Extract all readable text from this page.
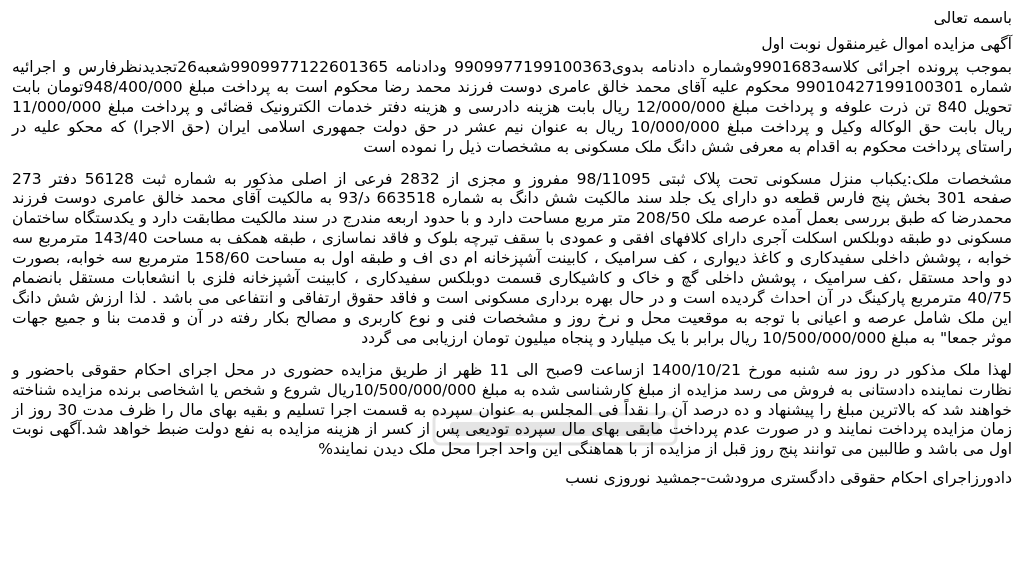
باسمه تعالی
آگهی مزایده اموال غیرمنقول نوبت اول
بموجب پرونده اجرائی کلاسه9901683وشماره دادنامه بدوی9909977199100363 ودادنامه 9909977122601365شعبه26تجدیدنظرفارس و اجرائیه
شماره 9901042719910030‍1 محکوم علیه آقای محمد خالق عامری دوست فرزند محمد رضا محکوم است به پرداخت مبلغ 948/400/000تومان بابت
تحویل 840 تن ذرت علوفه و پرداخت مبلغ 12/000/000 ریال بابت هزینه دادرسی و هزینه دفتر خدمات الکترونیک قضائی و پرداخت مبلغ 11/000/000
ریال بابت حق الوکاله وکیل و پرداخت مبلغ 10/000/000 ریال به عنوان نیم عشر در حق دولت جمهوری اسلامی ایران (حق الاجرا) که محکو علیه در
راستای پرداخت محکوم به اقدام به معرفی شش دانگ ملک مسکونی به مشخصات ذیل را نموده است
مشخصات ملک:یکباب منزل مسکونی تحت پلاک ثبتی 98/11095 مفروز و مجزی از 2832 فرعی از اصلی مذکور به شماره ثبت 56128 دفتر 273
صفحه 301 بخش پنج فارس قطعه دو دارای یک جلد سند مالکیت شش دانگ به شماره 663518 د/93 به مالکیت آقای محمد خالق عامری دوست فرزند
محمدرضا که طبق بررسی بعمل آمده عرصه ملک 208/50 متر مربع مساحت دارد و با حدود اربعه مندرج در سند مالکیت مطابقت دارد و یکدستگاه ساختمان
مسکونی دو طبقه دوبلکس اسکلت آجری دارای کلافهای افقی و عمودی با سقف تیرچه بلوک و فاقد نماسازی ، طبقه همکف به مساحت 143/40 مترمربع سه
خوابه ، پوشش داخلی سفیدکاری و کاغذ دیواری ، کف سرامیک ، کابینت آشپزخانه ام دی اف و طبقه اول به مساحت 158/60 مترمربع سه خوابه، بصورت
دو واحد مستقل ،کف سرامیک ، پوشش داخلی گچ و خاک و کاشیکاری قسمت دوبلکس سفیدکاری ، کابینت آشپزخانه فلزی با انشعابات مستقل بانضمام
40/75 مترمربع پارکینگ در آن احداث گردیده است و در حال بهره برداری مسکونی است و فاقد حقوق ارتفاقی و انتفاعی می باشد . لذا ارزش شش دانگ
این ملک شامل عرصه و اعیانی با توجه به موقعیت محل و نرخ روز و مشخصات فنی و نوع کاربری و مصالح بکار رفته در آن و قدمت بنا و جمیع جهات
موثر جمعا" به مبلغ 10/500/000/000 ریال برابر با یک میلیارد و پنجاه میلیون تومان ارزیابی می گردد
لهذا ملک مذکور در روز سه شنبه مورخ 1400/10/21 ازساعت 9صبح الی 11 ظهر از طریق مزایده حضوری در محل اجرای احکام حقوقی باحضور و
نظارت نماینده دادستانی به فروش می رسد مزایده از مبلغ کارشناسی شده به مبلغ 10/500/000/000ریال شروع و شخص یا اشخاصی برنده مزایده شناخته
خواهند شد که بالاترین مبلغ را پیشنهاد و ده درصد آن را نقداً فی المجلس به عنوان سپرده به قسمت اجرا تسلیم و بقیه بهای مال را ظرف مدت 30 روز از
زمان مزایده پرداخت نمایند و در صورت عدم پرداخت مابقی بهای مال سپرده تودیعی پس از کسر از هزینه مزایده به نفع دولت ضبط خواهد شد.آگهی نوبت
اول می باشد و طالبین می توانند پنج روز قبل از مزایده از با هماهنگی این واحد اجرا محل ملک دیدن نمایند%
دادورزاجرای احکام حقوقی دادگستری مرودشت-جمشید نوروزی نسب
